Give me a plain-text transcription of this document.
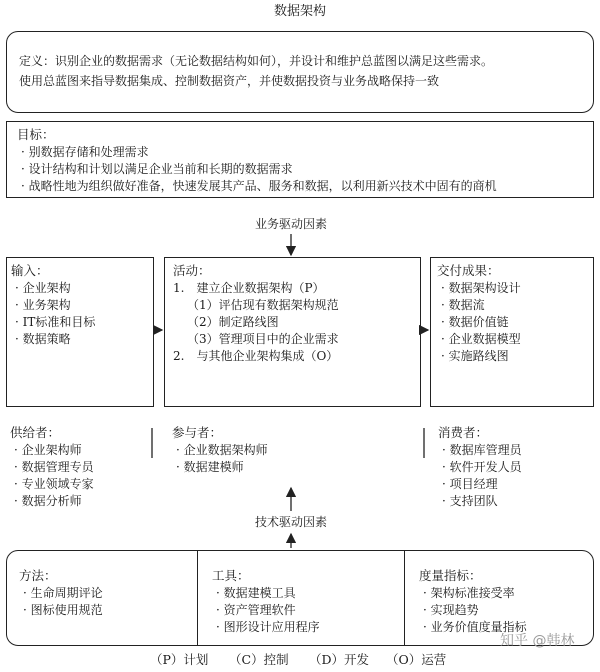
数据架构
定义：识别企业的数据需求（无论数据结构如何），并设计和维护总蓝图以满足这些需求。
使用总蓝图来指导数据集成、控制数据资产，并使数据投资与业务战略保持一致
目标：
· 别数据存储和处理需求
· 设计结构和计划以满足企业当前和长期的数据需求
· 战略性地为组织做好准备，快速发展其产品、服务和数据，以利用新兴技术中固有的商机
业务驱动因素
输入：
· 企业架构
· 业务架构
· IT标准和目标
· 数据策略
活动：
1.　建立企业数据架构（P）
（1）评估现有数据架构规范
（2）制定路线图
（3）管理项目中的企业需求
2.　与其他企业架构集成（O）
交付成果：
· 数据架构设计
· 数据流
· 数据价值链
· 企业数据模型
· 实施路线图
供给者：
· 企业架构师
· 数据管理专员
· 专业领域专家
· 数据分析师
参与者：
· 企业数据架构师
· 数据建模师
消费者：
· 数据库管理员
· 软件开发人员
· 项目经理
· 支持团队
技术驱动因素
方法：
· 生命周期评论
· 图标使用规范
工具：
· 数据建模工具
· 资产管理软件
· 图形设计应用程序
度量指标：
· 架构标准接受率
· 实现趋势
· 业务价值度量指标
知乎 @韩林
（P）计划 （C）控制 （D）开发 （O）运营
